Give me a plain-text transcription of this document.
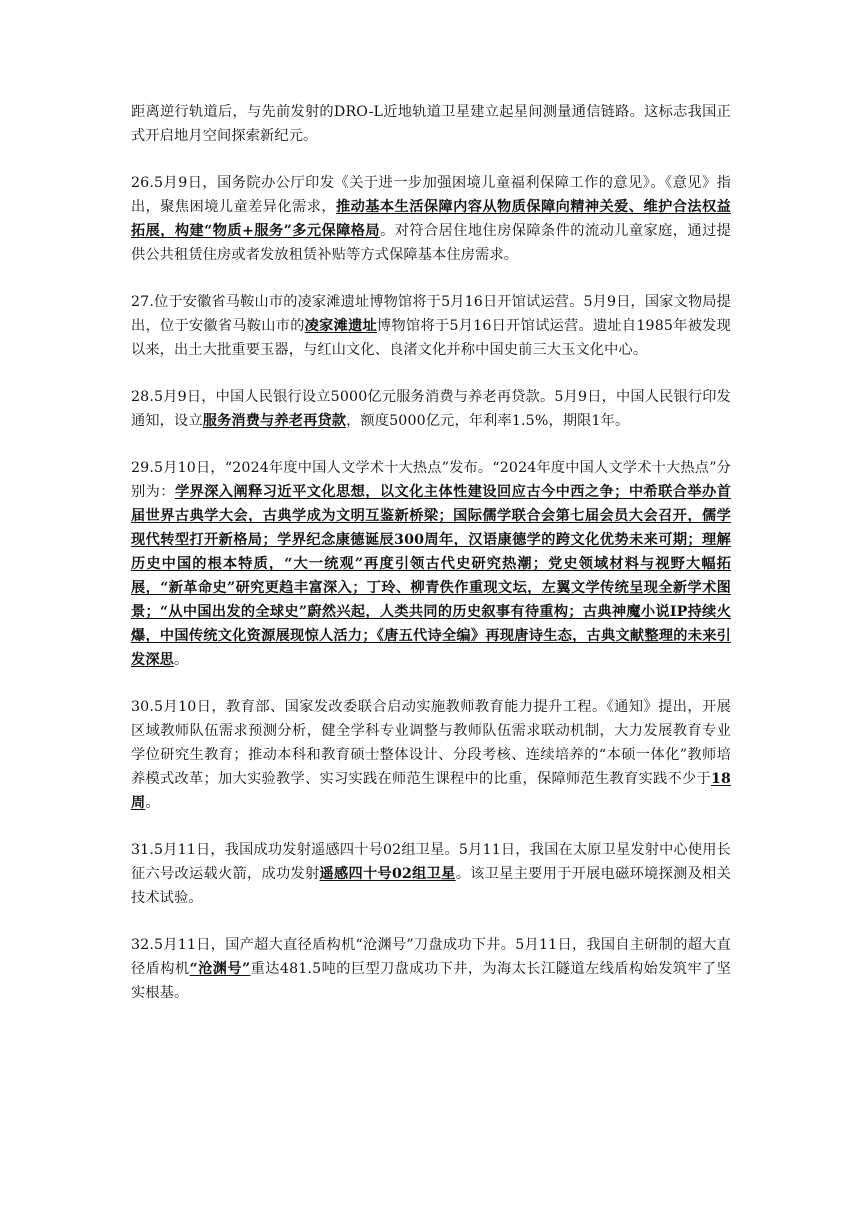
距离逆行轨道后，与先前发射的DRO-L近地轨道卫星建立起星间测量通信链路。这标志我国正式开启地月空间探索新纪元。

26.5月9日，国务院办公厅印发《关于进一步加强困境儿童福利保障工作的意见》。《意见》指出，聚焦困境儿童差异化需求，推动基本生活保障内容从物质保障向精神关爱、维护合法权益拓展，构建“物质+服务”多元保障格局。对符合居住地住房保障条件的流动儿童家庭，通过提供公共租赁住房或者发放租赁补贴等方式保障基本住房需求。

27.位于安徽省马鞍山市的凌家滩遗址博物馆将于5月16日开馆试运营。5月9日，国家文物局提出，位于安徽省马鞍山市的凌家滩遗址博物馆将于5月16日开馆试运营。遗址自1985年被发现以来，出土大批重要玉器，与红山文化、良渚文化并称中国史前三大玉文化中心。

28.5月9日，中国人民银行设立5000亿元服务消费与养老再贷款。5月9日，中国人民银行印发通知，设立服务消费与养老再贷款，额度5000亿元，年利率1.5%，期限1年。

29.5月10日，“2024年度中国人文学术十大热点”发布。“2024年度中国人文学术十大热点”分别为：学界深入阐释习近平文化思想，以文化主体性建设回应古今中西之争；中希联合举办首届世界古典学大会，古典学成为文明互鉴新桥梁；国际儒学联合会第七届会员大会召开，儒学现代转型打开新格局；学界纪念康德诞辰300周年，汉语康德学的跨文化优势未来可期；理解历史中国的根本特质，“大一统观”再度引领古代史研究热潮；党史领域材料与视野大幅拓展，“新革命史”研究更趋丰富深入；丁玲、柳青佚作重现文坛，左翼文学传统呈现全新学术图景；“从中国出发的全球史”蔚然兴起，人类共同的历史叙事有待重构；古典神魔小说IP持续火爆，中国传统文化资源展现惊人活力；《唐五代诗全编》再现唐诗生态，古典文献整理的未来引发深思。

30.5月10日，教育部、国家发改委联合启动实施教师教育能力提升工程。《通知》提出，开展区域教师队伍需求预测分析，健全学科专业调整与教师队伍需求联动机制，大力发展教育专业学位研究生教育；推动本科和教育硕士整体设计、分段考核、连续培养的“本硕一体化”教师培养模式改革；加大实验教学、实习实践在师范生课程中的比重，保障师范生教育实践不少于18周。

31.5月11日，我国成功发射遥感四十号02组卫星。5月11日，我国在太原卫星发射中心使用长征六号改运载火箭，成功发射遥感四十号02组卫星。该卫星主要用于开展电磁环境探测及相关技术试验。

32.5月11日，国产超大直径盾构机“沧渊号”刀盘成功下井。5月11日，我国自主研制的超大直径盾构机“沧渊号”重达481.5吨的巨型刀盘成功下井，为海太长江隧道左线盾构始发筑牢了坚实根基。
